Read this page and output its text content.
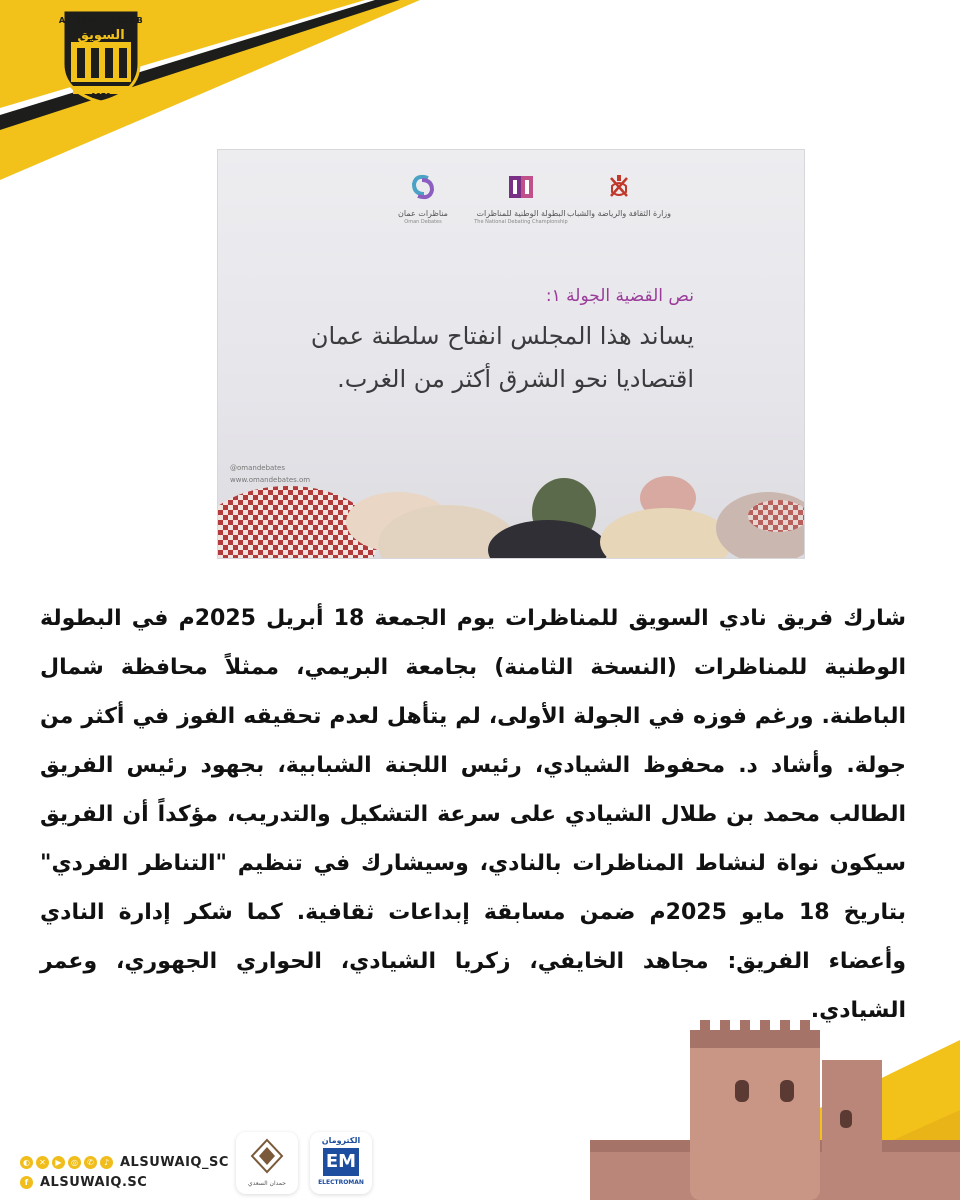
AL-SUWAIQ CLUB
السويق
1970
مناظرات عمان
Oman Debates
البطولة الوطنية للمناظرات
The National Debating Championship
وزارة الثقافة والرياضة والشباب
نص القضية الجولة ١:
يساند هذا المجلس انفتاح سلطنة عمان
اقتصاديا نحو الشرق أكثر من الغرب.
@omandebates
www.omandebates.om
شارك فريق نادي السويق للمناظرات يوم الجمعة 18 أبريل 2025م في البطولة الوطنية للمناظرات (النسخة الثامنة) بجامعة البريمي، ممثلاً محافظة شمال الباطنة. ورغم فوزه في الجولة الأولى، لم يتأهل لعدم تحقيقه الفوز في أكثر من جولة. وأشاد د. محفوظ الشيادي، رئيس اللجنة الشبابية، بجهود رئيس الفريق الطالب محمد بن طلال الشيادي على سرعة التشكيل والتدريب، مؤكداً أن الفريق سيكون نواة لنشاط المناظرات بالنادي، وسيشارك في تنظيم "التناظر الفردي" بتاريخ 18 مايو 2025م ضمن مسابقة إبداعات ثقافية. كما شكر إدارة النادي وأعضاء الفريق: مجاهد الخايفي، زكريا الشيادي، الحواري الجهوري، وعمر الشيادي.
◐	✕	▶	◎	✆	♪ ALSUWAIQ_SC
f ALSUWAIQ.SC	حمدان السعدي
الكترومان
EM
ELECTROMAN
